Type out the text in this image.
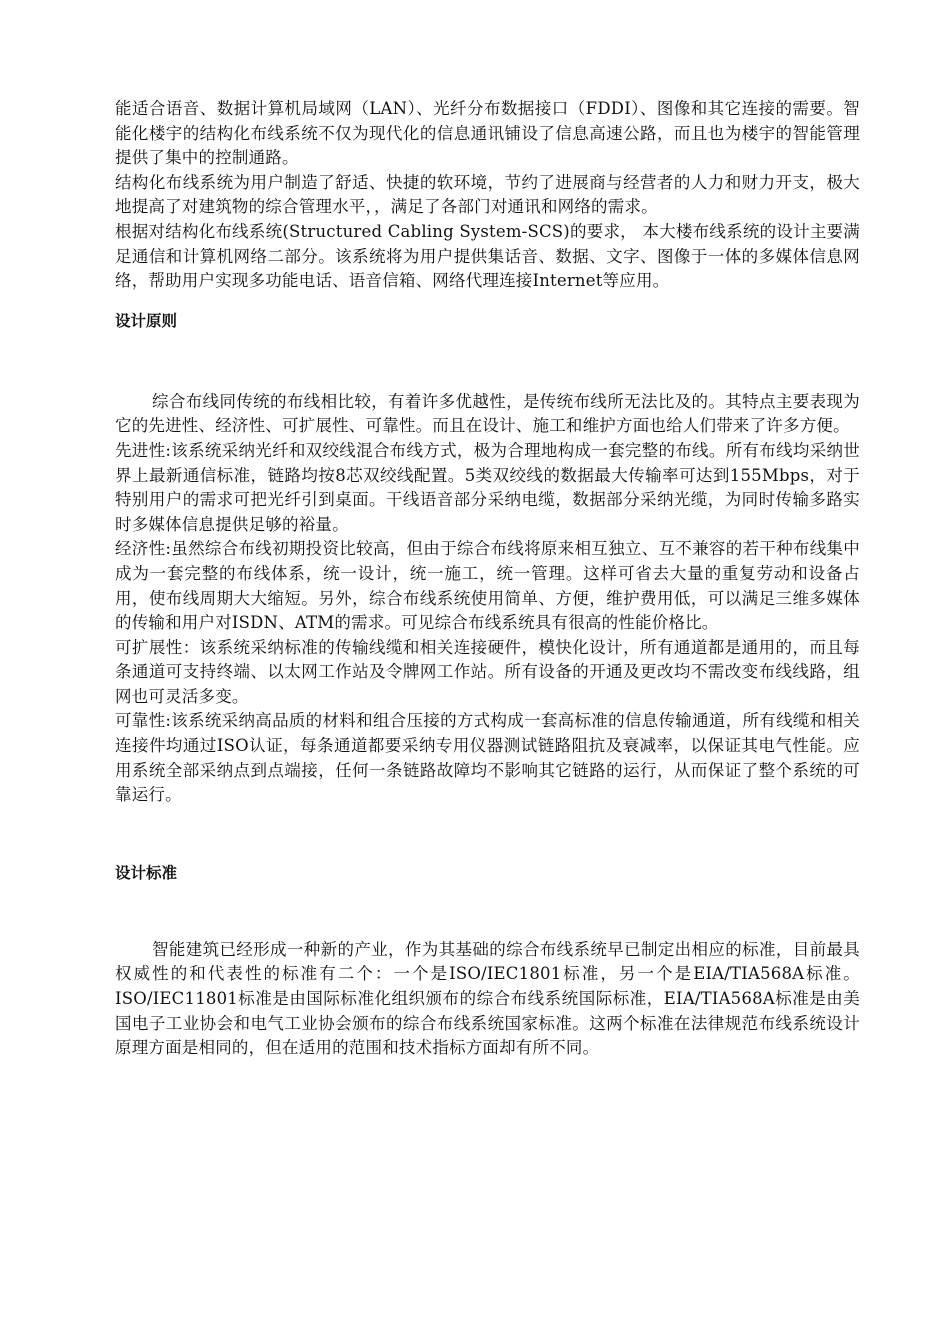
能适合语音、数据计算机局域网（LAN）、光纤分布数据接口（FDDI）、图像和其它连接的需要。智能化楼宇的结构化布线系统不仅为现代化的信息通讯铺设了信息高速公路，而且也为楼宇的智能管理提供了集中的控制通路。

结构化布线系统为用户制造了舒适、快捷的软环境，节约了进展商与经营者的人力和财力开支，极大地提高了对建筑物的综合管理水平，，满足了各部门对通讯和网络的需求。

根据对结构化布线系统(Structured Cabling System-SCS)的要求， 本大楼布线系统的设计主要满足通信和计算机网络二部分。该系统将为用户提供集话音、数据、文字、图像于一体的多媒体信息网络，帮助用户实现多功能电话、语音信箱、网络代理连接Internet等应用。

设计原则

综合布线同传统的布线相比较，有着许多优越性，是传统布线所无法比及的。其特点主要表现为它的先进性、经济性、可扩展性、可靠性。而且在设计、施工和维护方面也给人们带来了许多方便。

先进性:该系统采纳光纤和双绞线混合布线方式，极为合理地构成一套完整的布线。所有布线均采纳世界上最新通信标准，链路均按8芯双绞线配置。5类双绞线的数据最大传输率可达到155Mbps，对于特别用户的需求可把光纤引到桌面。干线语音部分采纳电缆，数据部分采纳光缆，为同时传输多路实时多媒体信息提供足够的裕量。

经济性:虽然综合布线初期投资比较高，但由于综合布线将原来相互独立、互不兼容的若干种布线集中成为一套完整的布线体系，统一设计，统一施工，统一管理。这样可省去大量的重复劳动和设备占用，使布线周期大大缩短。另外，综合布线系统使用简单、方便，维护费用低，可以满足三维多媒体的传输和用户对ISDN、ATM的需求。可见综合布线系统具有很高的性能价格比。

可扩展性：该系统采纳标准的传输线缆和相关连接硬件，模快化设计，所有通道都是通用的，而且每条通道可支持终端、以太网工作站及令牌网工作站。所有设备的开通及更改均不需改变布线线路，组网也可灵活多变。

可靠性:该系统采纳高品质的材料和组合压接的方式构成一套高标准的信息传输通道，所有线缆和相关连接件均通过ISO认证，每条通道都要采纳专用仪器测试链路阻抗及衰减率，以保证其电气性能。应用系统全部采纳点到点端接，任何一条链路故障均不影响其它链路的运行，从而保证了整个系统的可靠运行。

设计标准

智能建筑已经形成一种新的产业，作为其基础的综合布线系统早已制定出相应的标准，目前最具权威性的和代表性的标准有二个：一个是ISO/IEC1801标准，另一个是EIA/TIA568A标准。ISO/IEC11801标准是由国际标准化组织颁布的综合布线系统国际标准，EIA/TIA568A标准是由美国电子工业协会和电气工业协会颁布的综合布线系统国家标准。这两个标准在法律规范布线系统设计原理方面是相同的，但在适用的范围和技术指标方面却有所不同。
